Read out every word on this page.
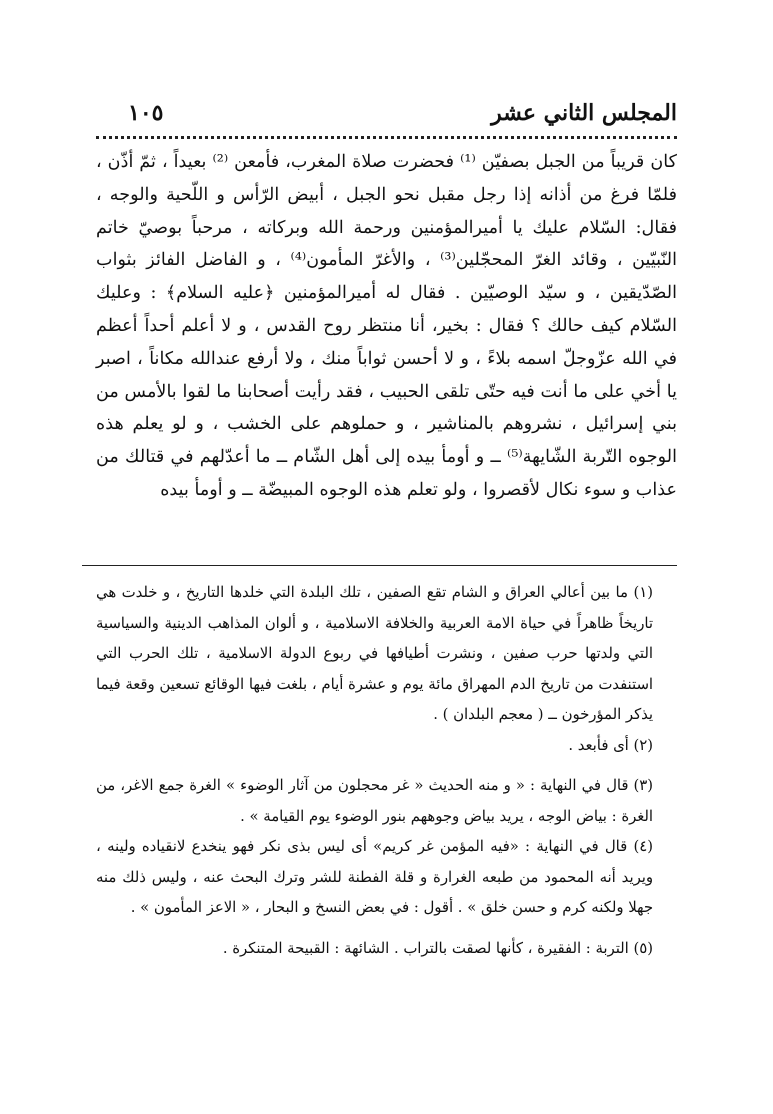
المجلس الثاني عشر
١٠٥

كان قريباً من الجبل بصفيّن ⁽¹⁾ فحضرت صلاة المغرب، فأمعن ⁽²⁾ بعيداً ، ثمّ أذّن ، فلمّا فرغ من أذانه إذا رجل مقبل نحو الجبل ، أبيض الرّأس و اللّحية والوجه ، فقال: السّلام عليك يا أميرالمؤمنين ورحمة الله وبركاته ، مرحباً بوصيّ خاتم النّبيّين ، وقائد الغرّ المحجّلين⁽³⁾ ، والأغرّ المأمون⁽⁴⁾ ، و الفاضل الفائز بثواب الصّدّيقين ، و سيّد الوصيّين . فقال له أميرالمؤمنين ﴿عليه السلام﴾ : وعليك السّلام كيف حالك ؟ فقال : بخير، أنا منتظر روح القدس ، و لا أعلم أحداً أعظم في الله عزّوجلّ اسمه بلاءً ، و لا أحسن ثواباً منك ، ولا أرفع عندالله مكاناً ، اصبر يا أخي على ما أنت فيه حتّى تلقى الحبيب ، فقد رأيت أصحابنا ما لقوا بالأمس من بني إسرائيل ، نشروهم بالمناشير ، و حملوهم على الخشب ، و لو يعلم هذه الوجوه التّربة الشّايهة⁽⁵⁾ ــ و أومأ بيده إلى أهل الشّام ــ ما أعدّلهم في قتالك من عذاب و سوء نكال لأقصروا ، ولو تعلم هذه الوجوه المبيضّة ــ و أومأ بيده

(١) ما بين أعالي العراق و الشام تقع الصفين ، تلك البلدة التي خلدها التاريخ ، و خلدت هي تاريخاً ظاهراً في حياة الامة العربية والخلافة الاسلامية ، و ألوان المذاهب الدينية والسياسية التي ولدتها حرب صفين ، ونشرت أطيافها في ربوع الدولة الاسلامية ، تلك الحرب التي استنفدت من تاريخ الدم المهراق مائة يوم و عشرة أيام ، بلغت فيها الوقائع تسعين وقعة فيما يذكر المؤرخون ــ ( معجم البلدان ) .

(٢) أى فأبعد .

(٣) قال في النهاية : « و منه الحديث « غر محجلون من آثار الوضوء » الغرة جمع الاغر، من الغرة : بياض الوجه ، يريد بياض وجوههم بنور الوضوء يوم القيامة » .

(٤) قال في النهاية : «فيه المؤمن غر كريم» أى ليس بذى نكر فهو ينخدع لانقياده ولينه ، ويريد أنه المحمود من طبعه الغرارة و قلة الفطنة للشر وترك البحث عنه ، وليس ذلك منه جهلا ولكنه كرم و حسن خلق » . أقول : في بعض النسخ و البحار ، « الاعز المأمون » .

(٥) التربة : الفقيرة ، كأنها لصقت بالتراب . الشائهة : القبيحة المتنكرة .
